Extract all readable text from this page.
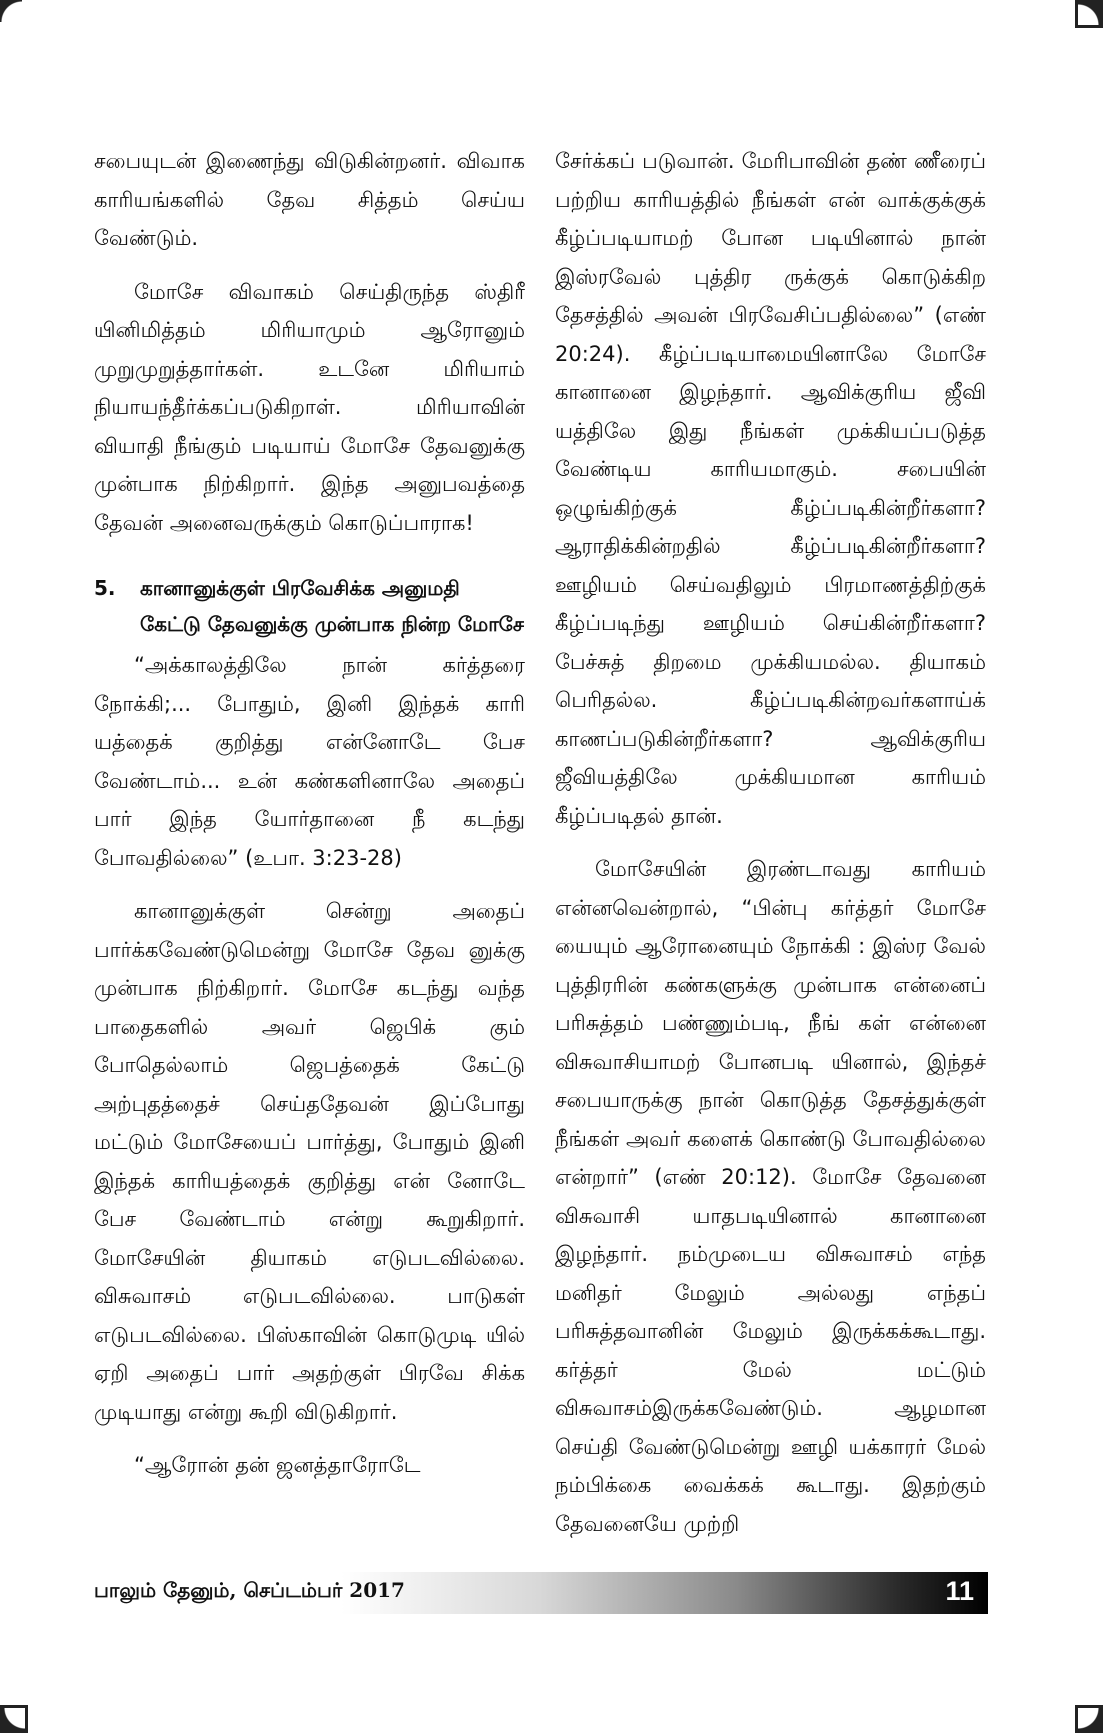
சபையுடன் இணைந்து விடுகின்றனர். விவாக காரியங்களில் தேவ சித்தம் செய்ய வேண்டும்.

மோசே விவாகம் செய்திருந்த ஸ்திரீ யினிமித்தம் மிரியாமும் ஆரோனும் முறுமுறுத்தார்கள். உடனே மிரியாம் நியாயந்தீர்க்கப்படுகிறாள். மிரியாவின் வியாதி நீங்கும் படியாய் மோசே தேவனுக்கு முன்பாக நிற்கிறார். இந்த அனுபவத்தை தேவன் அனைவருக்கும் கொடுப்பாராக!

5.	கானானுக்குள் பிரவேசிக்க அனுமதி கேட்டு தேவனுக்கு முன்பாக நின்ற மோசே

“அக்காலத்திலே நான் கர்த்தரை நோக்கி;... போதும், இனி இந்தக் காரி யத்தைக் குறித்து என்னோடே பேச வேண்டாம்... உன் கண்களினாலே அதைப் பார் இந்த யோர்தானை நீ கடந்து போவதில்லை” (உபா. 3:23-28)

கானானுக்குள் சென்று அதைப் பார்க்கவேண்டுமென்று மோசே தேவ னுக்கு முன்பாக நிற்கிறார். மோசே கடந்து வந்த பாதைகளில் அவர் ஜெபிக் கும் போதெல்லாம் ஜெபத்தைக் கேட்டு அற்புதத்தைச் செய்ததேவன் இப்போது மட்டும் மோசேயைப் பார்த்து, போதும் இனி இந்தக் காரியத்தைக் குறித்து என் னோடே பேச வேண்டாம் என்று கூறுகிறார். மோசேயின் தியாகம் எடுபடவில்லை. விசுவாசம் எடுபடவில்லை. பாடுகள் எடுபடவில்லை. பிஸ்காவின் கொடுமுடி யில் ஏறி அதைப் பார் அதற்குள் பிரவே சிக்க முடியாது என்று கூறி விடுகிறார்.

“ஆரோன் தன் ஜனத்தாரோடே

சேர்க்கப் படுவான். மேரிபாவின் தண் ணீரைப் பற்றிய காரியத்தில் நீங்கள் என் வாக்குக்குக் கீழ்ப்படியாமற் போன படியினால் நான் இஸ்ரவேல் புத்திர ருக்குக் கொடுக்கிற தேசத்தில் அவன் பிரவேசிப்பதில்லை” (எண் 20:24). கீழ்ப்படியாமையினாலே மோசே கானானை இழந்தார். ஆவிக்குரிய ஜீவி யத்திலே இது நீங்கள் முக்கியப்படுத்த வேண்டிய காரியமாகும். சபையின் ஒழுங்கிற்குக் கீழ்ப்படிகின்றீர்களா? ஆராதிக்கின்றதில் கீழ்ப்படிகின்றீர்களா? ஊழியம் செய்வதிலும் பிரமாணத்திற்குக் கீழ்ப்படிந்து ஊழியம் செய்கின்றீர்களா? பேச்சுத் திறமை முக்கியமல்ல. தியாகம் பெரிதல்ல. கீழ்ப்படிகின்றவர்களாய்க் காணப்படுகின்றீர்களா? ஆவிக்குரிய ஜீவியத்திலே முக்கியமான காரியம் கீழ்ப்படிதல் தான்.

மோசேயின் இரண்டாவது காரியம் என்னவென்றால், “பின்பு கர்த்தர் மோசே யையும் ஆரோனையும் நோக்கி : இஸ்ர வேல் புத்திரரின் கண்களுக்கு முன்பாக என்னைப் பரிசுத்தம் பண்ணும்படி, நீங் கள் என்னை விசுவாசியாமற் போனபடி யினால், இந்தச் சபையாருக்கு நான் கொடுத்த தேசத்துக்குள் நீங்கள் அவர் களைக் கொண்டு போவதில்லை என்றார்” (எண் 20:12). மோசே தேவனை விசுவாசி யாதபடியினால் கானானை இழந்தார். நம்முடைய விசுவாசம் எந்த மனிதர் மேலும் அல்லது எந்தப் பரிசுத்தவானின் மேலும் இருக்கக்கூடாது. கர்த்தர் மேல் மட்டும் விசுவாசம்இருக்கவேண்டும். ஆழமான செய்தி வேண்டுமென்று ஊழி யக்காரர் மேல் நம்பிக்கை வைக்கக் கூடாது. இதற்கும் தேவனையே முற்றி

பாலும் தேனும், செப்டம்பர் 2017	11
